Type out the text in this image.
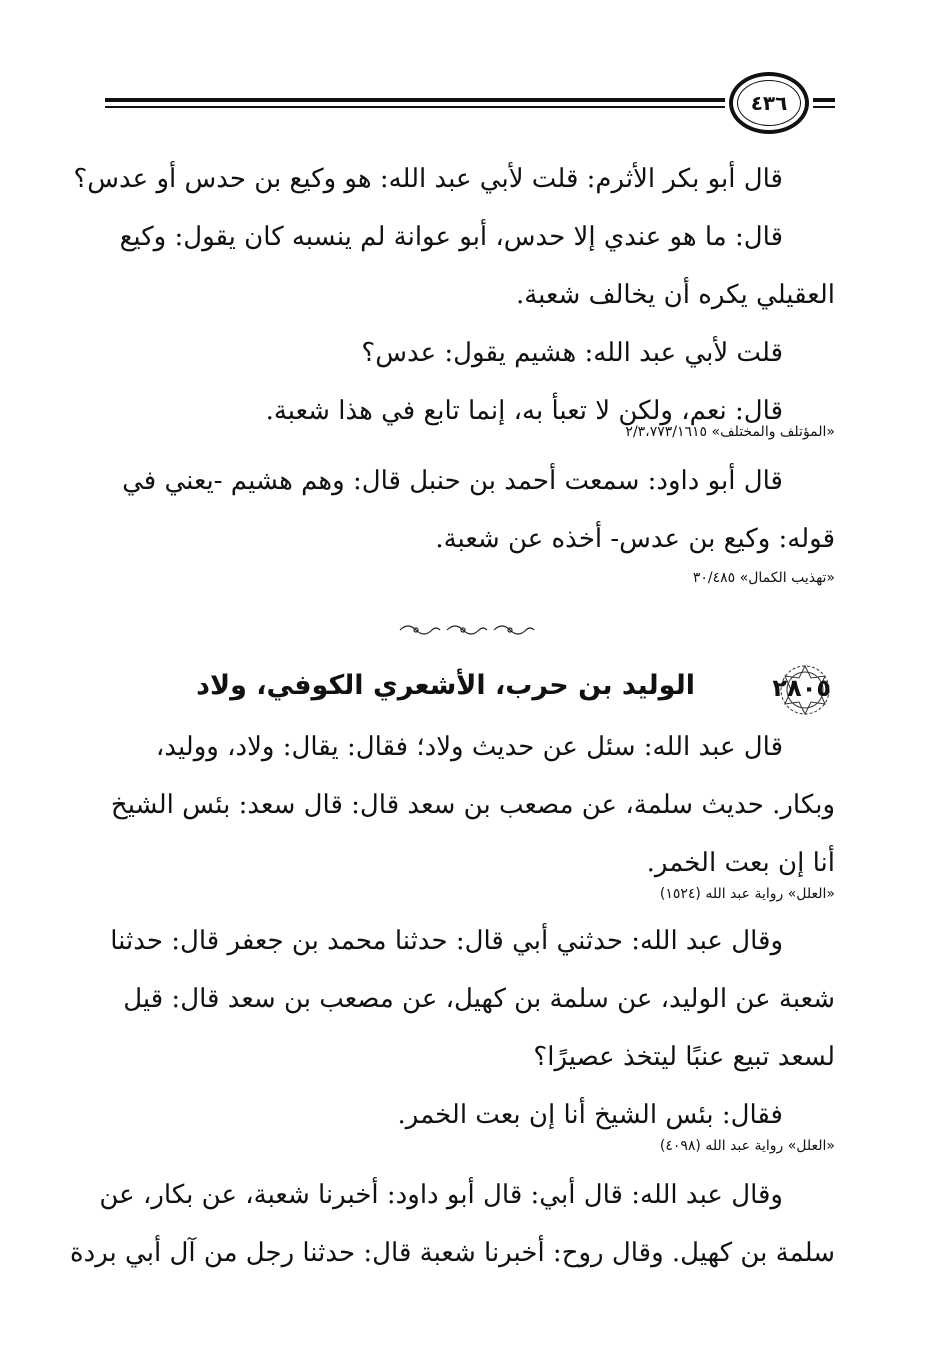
٤٣٦
قال أبو بكر الأثرم: قلت لأبي عبد الله: هو وكيع بن حدس أو عدس؟
قال: ما هو عندي إلا حدس، أبو عوانة لم ينسبه كان يقول: وكيع
العقيلي يكره أن يخالف شعبة.
قلت لأبي عبد الله: هشيم يقول: عدس؟
قال: نعم، ولكن لا تعبأ به، إنما تابع في هذا شعبة.
«المؤتلف والمختلف» ٢/٣،٧٧٣/١٦١٥
قال أبو داود: سمعت أحمد بن حنبل قال: وهم هشيم -يعني في
قوله: وكيع بن عدس- أخذه عن شعبة.
«تهذيب الكمال» ٣٠/٤٨٥
٢٨٠٥
الوليد بن حرب، الأشعري الكوفي، ولاد
قال عبد الله: سئل عن حديث ولاد؛ فقال: يقال: ولاد، ووليد،
وبكار. حديث سلمة، عن مصعب بن سعد قال: قال سعد: بئس الشيخ
أنا إن بعت الخمر.
«العلل» رواية عبد الله (١٥٢٤)
وقال عبد الله: حدثني أبي قال: حدثنا محمد بن جعفر قال: حدثنا
شعبة عن الوليد، عن سلمة بن كهيل، عن مصعب بن سعد قال: قيل
لسعد تبيع عنبًا ليتخذ عصيرًا؟
فقال: بئس الشيخ أنا إن بعت الخمر.
«العلل» رواية عبد الله (٤٠٩٨)
وقال عبد الله: قال أبي: قال أبو داود: أخبرنا شعبة، عن بكار، عن
سلمة بن كهيل. وقال روح: أخبرنا شعبة قال: حدثنا رجل من آل أبي بردة
